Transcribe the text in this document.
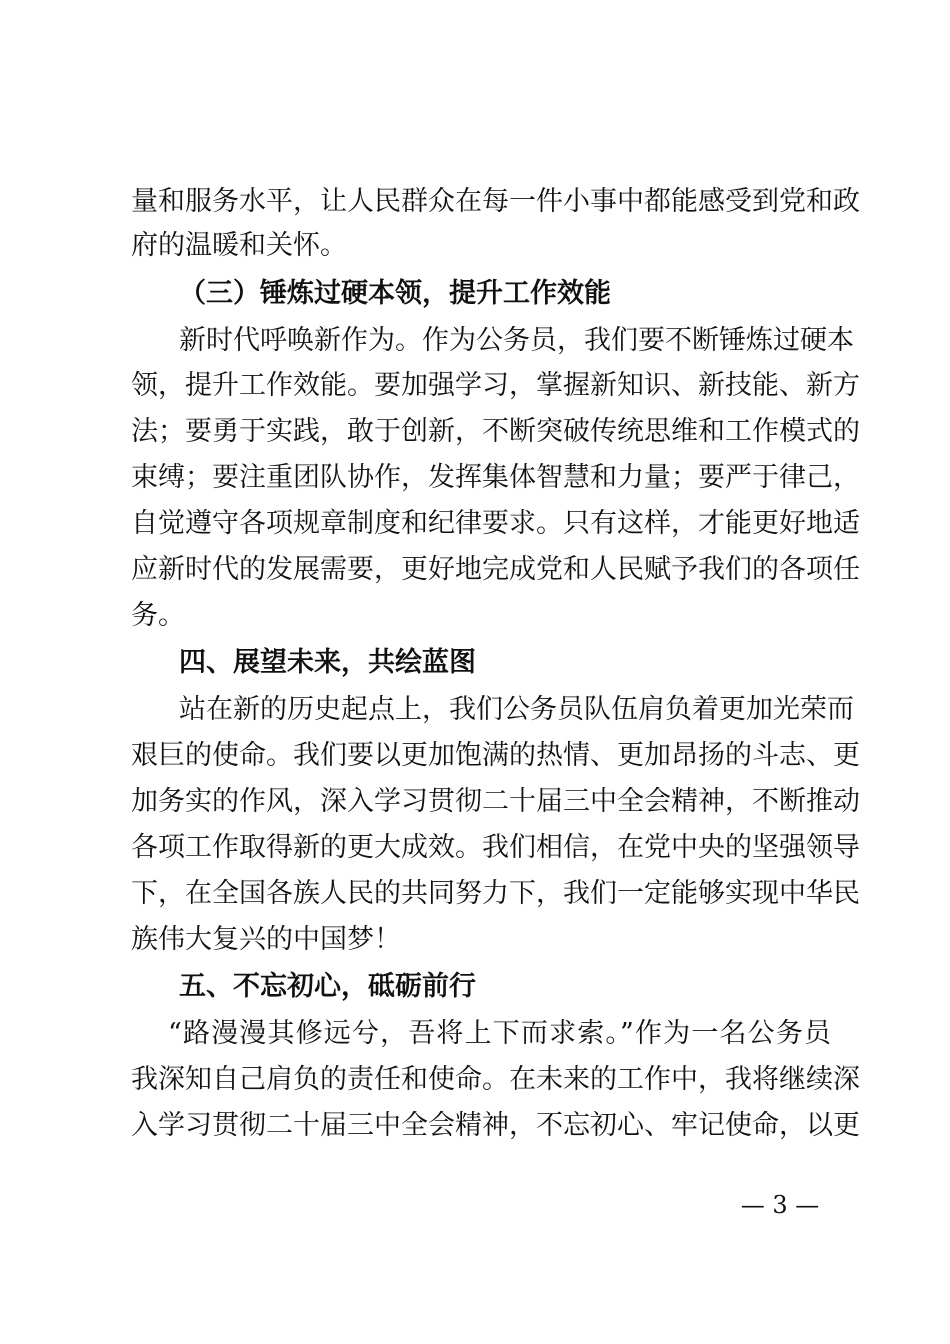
量和服务水平，让人民群众在每一件小事中都能感受到党和政
府的温暖和关怀。
（三）锤炼过硬本领，提升工作效能
新时代呼唤新作为。作为公务员，我们要不断锤炼过硬本
领，提升工作效能。要加强学习，掌握新知识、新技能、新方
法；要勇于实践，敢于创新，不断突破传统思维和工作模式的
束缚；要注重团队协作，发挥集体智慧和力量；要严于律己，
自觉遵守各项规章制度和纪律要求。只有这样，才能更好地适
应新时代的发展需要，更好地完成党和人民赋予我们的各项任
务。
四、展望未来，共绘蓝图
站在新的历史起点上，我们公务员队伍肩负着更加光荣而
艰巨的使命。我们要以更加饱满的热情、更加昂扬的斗志、更
加务实的作风，深入学习贯彻二十届三中全会精神，不断推动
各项工作取得新的更大成效。我们相信，在党中央的坚强领导
下，在全国各族人民的共同努力下，我们一定能够实现中华民
族伟大复兴的中国梦！
五、不忘初心，砥砺前行
“路漫漫其修远兮，吾将上下而求索。”作为一名公务员
我深知自己肩负的责任和使命。在未来的工作中，我将继续深
入学习贯彻二十届三中全会精神，不忘初心、牢记使命，以更
— 3 —
